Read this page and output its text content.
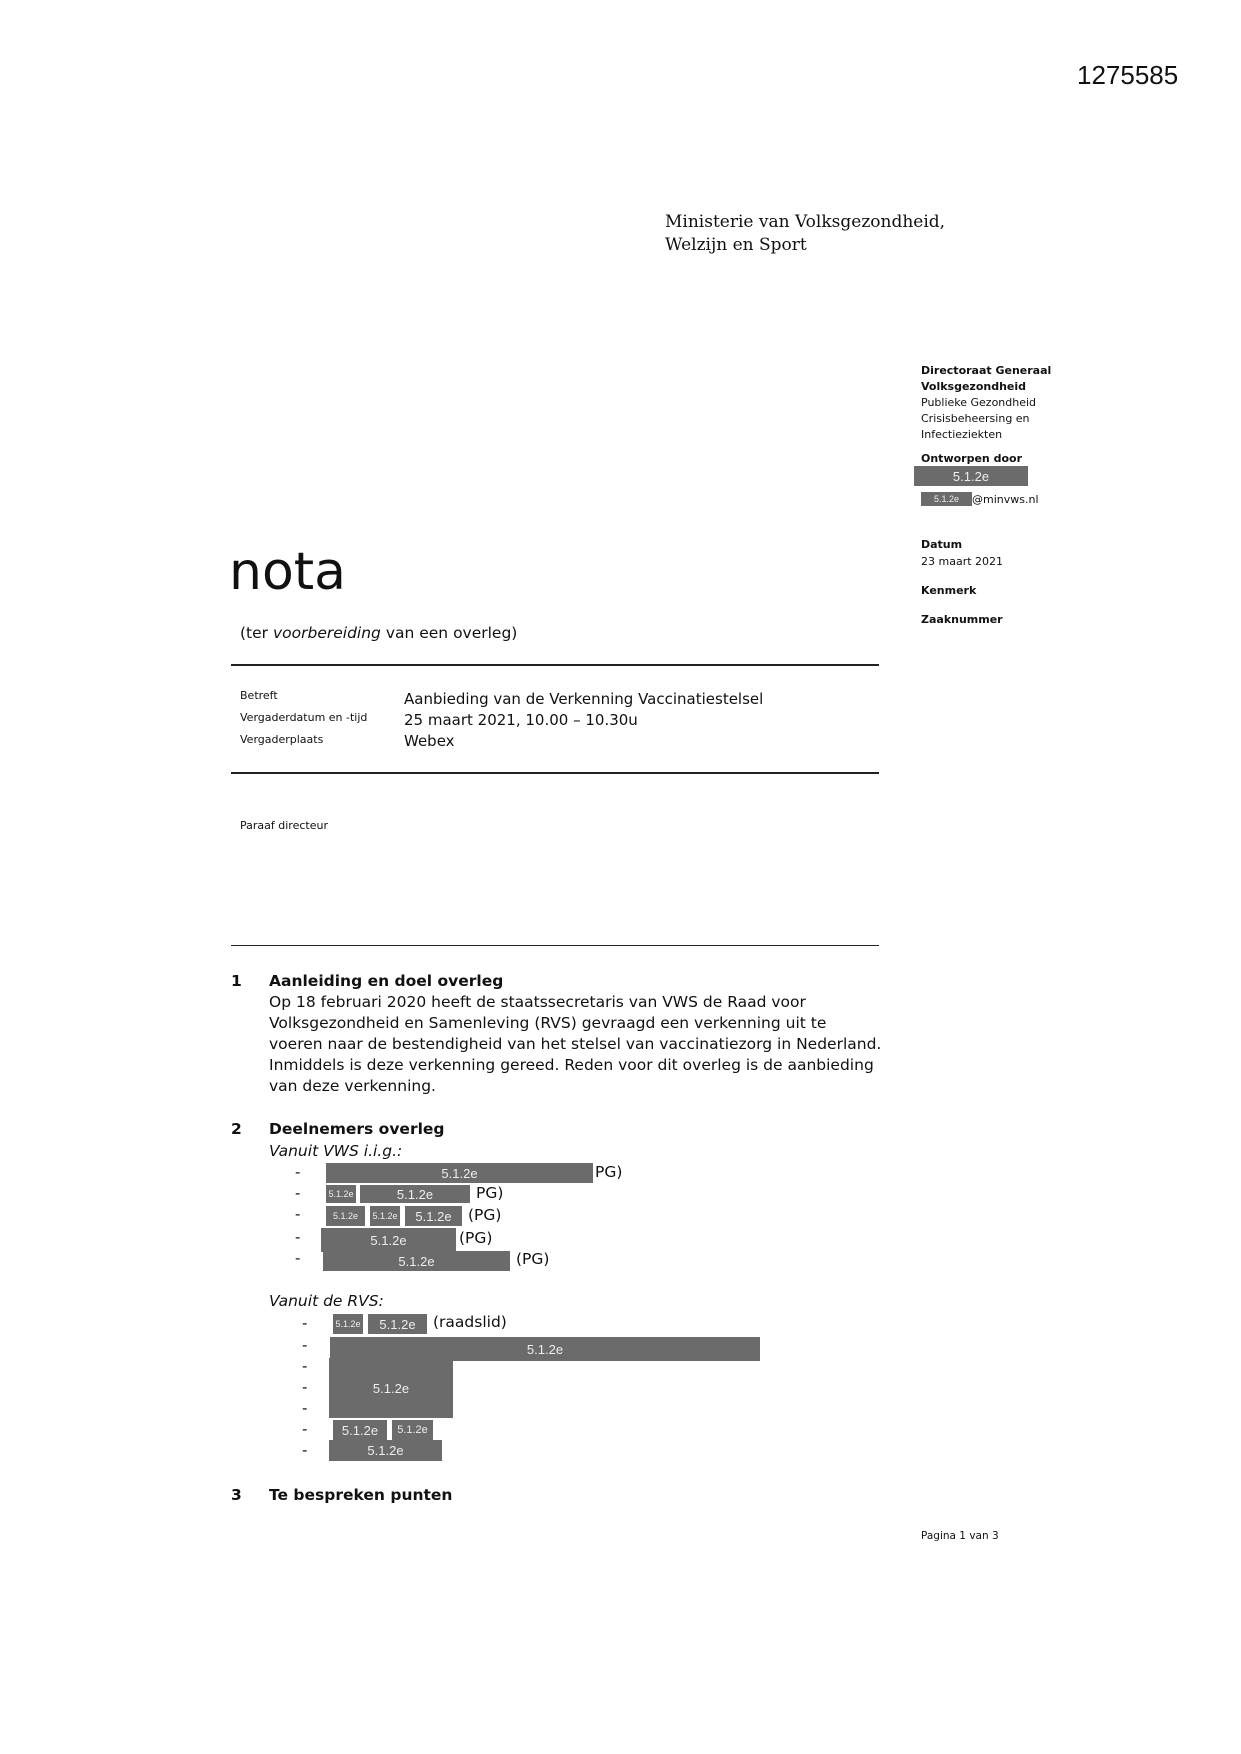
1275585
Ministerie van Volksgezondheid,
Welzijn en Sport
Directoraat Generaal
Volksgezondheid
Publieke Gezondheid
Crisisbeheersing en
Infectieziekten
Ontworpen door
5.1.2e
5.1.2e	@minvws.nl
Datum
23 maart 2021
Kenmerk
Zaaknummer
nota
(ter voorbereiding van een overleg)
Betreft	Aanbieding van de Verkenning Vaccinatiestelsel
Vergaderdatum en -tijd 25 maart 2021, 10.00 – 10.30u
Vergaderplaats	Webex
Paraaf directeur
1 Aanleiding en doel overleg
Op 18 februari 2020 heeft de staatssecretaris van VWS de Raad voor
Volksgezondheid en Samenleving (RVS) gevraagd een verkenning uit te
voeren naar de bestendigheid van het stelsel van vaccinatiezorg in Nederland.
Inmiddels is deze verkenning gereed. Reden voor dit overleg is de aanbieding
van deze verkenning.
2 Deelnemers overleg
Vanuit VWS i.i.g.:
-	5.1.2e	PG)
-	5.1.2e	5.1.2e	PG)
-	5.1.2e	5.1.2e	5.1.2e	(PG)
-	5.1.2e	(PG)
-	5.1.2e	(PG)
Vanuit de RVS:
-	5.1.2e	5.1.2e	(raadslid)
-	5.1.2e
-
-
-
5.1.2e
-	5.1.2e	5.1.2e
-	5.1.2e
3 Te bespreken punten
Pagina 1 van 3
